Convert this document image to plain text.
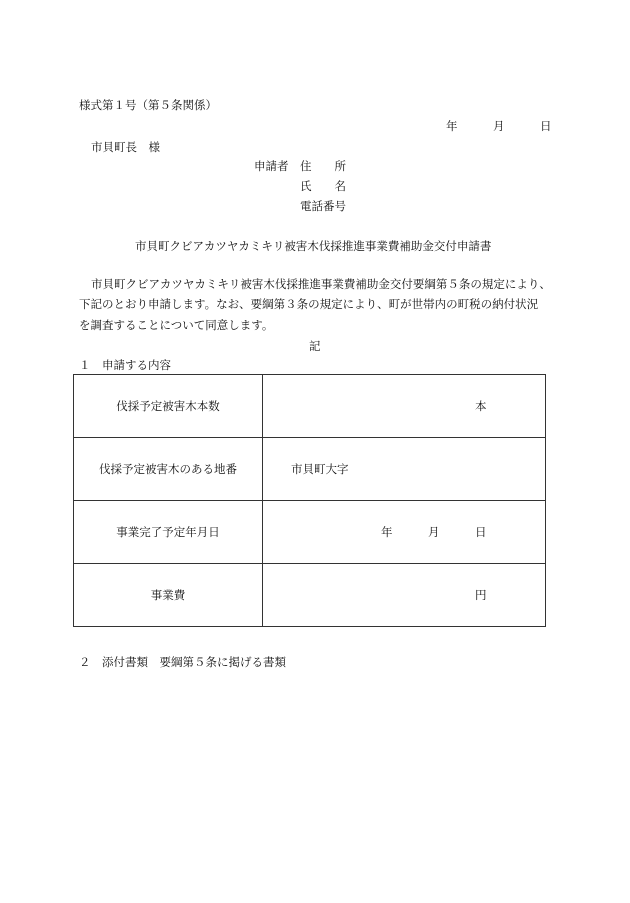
様式第１号（第５条関係）
年	月	日
市貝町長　様
申請者 住　　所
氏　　名
電話番号
市貝町クビアカツヤカミキリ被害木伐採推進事業費補助金交付申請書
市貝町クビアカツヤカミキリ被害木伐採推進事業費補助金交付要綱第５条の規定により、
下記のとおり申請します。なお、要綱第３条の規定により、町が世帯内の町税の納付状況
を調査することについて同意します。
記
１　申請する内容
伐採予定被害木本数	本

伐採予定被害木のある地番	市貝町大字

事業完了予定年月日	年 月 日

事業費	円
２　添付書類　要綱第５条に掲げる書類
